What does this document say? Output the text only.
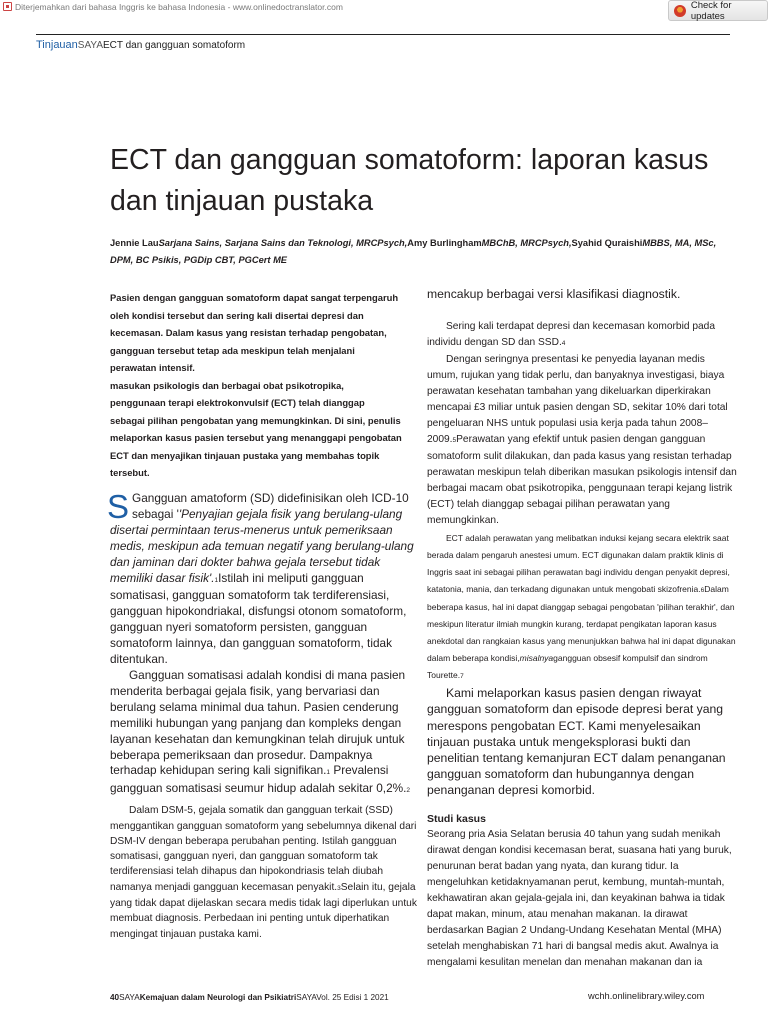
Diterjemahkan dari bahasa Inggris ke bahasa Indonesia - www.onlinedoctranslator.com	Check for updates
TinjauanSAYAECT dan gangguan somatoform
ECT dan gangguan somatoform: laporan kasus dan tinjauan pustaka
Jennie LauSarjana Sains, Sarjana Sains dan Teknologi, MRCPsych,Amy BurlinghamMBChB, MRCPsych,Syahid QuraishiMBBS, MA, MSc, DPM, BC Psikis, PGDip CBT, PGCert ME

Pasien dengan gangguan somatoform dapat sangat terpengaruh oleh kondisi tersebut dan sering kali disertai depresi dan kecemasan. Dalam kasus yang resistan terhadap pengobatan, gangguan tersebut tetap ada meskipun telah menjalani perawatan intensif.

masukan psikologis dan berbagai obat psikotropika, penggunaan terapi elektrokonvulsif (ECT) telah dianggap sebagai pilihan pengobatan yang memungkinkan. Di sini, penulis melaporkan kasus pasien tersebut yang menanggapi pengobatan ECT dan menyajikan tinjauan pustaka yang membahas topik tersebut.

S Gangguan amatoform (SD) didefinisikan oleh ICD-10 sebagai ''Penyajian gejala fisik yang berulang-ulang disertai permintaan terus-menerus untuk pemeriksaan medis, meskipun ada temuan negatif yang berulang-ulang dan jaminan dari dokter bahwa gejala tersebut tidak memiliki dasar fisik'.1Istilah ini meliputi gangguan somatisasi, gangguan somatoform tak terdiferensiasi, gangguan hipokondriakal, disfungsi otonom somatoform, gangguan nyeri somatoform persisten, gangguan somatoform lainnya, dan gangguan somatoform, tidak ditentukan.

Gangguan somatisasi adalah kondisi di mana pasien menderita berbagai gejala fisik, yang bervariasi dan berulang selama minimal dua tahun. Pasien cenderung memiliki hubungan yang panjang dan kompleks dengan layanan kesehatan dan kemungkinan telah dirujuk untuk beberapa pemeriksaan dan prosedur. Dampaknya terhadap kehidupan sering kali signifikan.1 Prevalensi gangguan somatisasi seumur hidup adalah sekitar 0,2%.2

Dalam DSM-5, gejala somatik dan gangguan terkait (SSD) menggantikan gangguan somatoform yang sebelumnya dikenal dari DSM-IV dengan beberapa perubahan penting. Istilah gangguan somatisasi, gangguan nyeri, dan gangguan somatoform tak terdiferensiasi telah dihapus dan hipokondriasis telah diubah namanya menjadi gangguan kecemasan penyakit.3Selain itu, gejala yang tidak dapat dijelaskan secara medis tidak lagi diperlukan untuk membuat diagnosis. Perbedaan ini penting untuk diperhatikan mengingat tinjauan pustaka kami.

mencakup berbagai versi klasifikasi diagnostik.

Sering kali terdapat depresi dan kecemasan komorbid pada individu dengan SD dan SSD.4

Dengan seringnya presentasi ke penyedia layanan medis umum, rujukan yang tidak perlu, dan banyaknya investigasi, biaya perawatan kesehatan tambahan yang dikeluarkan diperkirakan mencapai £3 miliar untuk pasien dengan SD, sekitar 10% dari total pengeluaran NHS untuk populasi usia kerja pada tahun 2008–2009.5Perawatan yang efektif untuk pasien dengan gangguan somatoform sulit dilakukan, dan pada kasus yang resistan terhadap perawatan meskipun telah diberikan masukan psikologis intensif dan berbagai macam obat psikotropika, penggunaan terapi kejang listrik (ECT) telah dianggap sebagai pilihan perawatan yang memungkinkan.

ECT adalah perawatan yang melibatkan induksi kejang secara elektrik saat berada dalam pengaruh anestesi umum. ECT digunakan dalam praktik klinis di Inggris saat ini sebagai pilihan perawatan bagi individu dengan penyakit depresi, katatonia, mania, dan terkadang digunakan untuk mengobati skizofrenia.6Dalam beberapa kasus, hal ini dapat dianggap sebagai pengobatan 'pilihan terakhir', dan meskipun literatur ilmiah mungkin kurang, terdapat pengikatan laporan kasus anekdotal dan rangkaian kasus yang menunjukkan bahwa hal ini dapat digunakan dalam beberapa kondisi,misalnyagangguan obsesif kompulsif dan sindrom Tourette.7

Kami melaporkan kasus pasien dengan riwayat gangguan somatoform dan episode depresi berat yang merespons pengobatan ECT. Kami menyelesaikan tinjauan pustaka untuk mengeksplorasi bukti dan penelitian tentang kemanjuran ECT dalam penanganan gangguan somatoform dan hubungannya dengan penanganan depresi komorbid.

Studi kasus

Seorang pria Asia Selatan berusia 40 tahun yang sudah menikah dirawat dengan kondisi kecemasan berat, suasana hati yang buruk, penurunan berat badan yang nyata, dan kurang tidur. Ia mengeluhkan ketidaknyamanan perut, kembung, muntah-muntah, kekhawatiran akan gejala-gejala ini, dan keyakinan bahwa ia tidak dapat makan, minum, atau menahan makanan. Ia dirawat berdasarkan Bagian 2 Undang-Undang Kesehatan Mental (MHA) setelah menghabiskan 71 hari di bangsal medis akut. Awalnya ia mengalami kesulitan menelan dan menahan makanan dan ia

40SAYAKemajuan dalam Neurologi dan PsikiatriSAYAVol. 25 Edisi 1 2021	wchh.onlinelibrary.wiley.com
